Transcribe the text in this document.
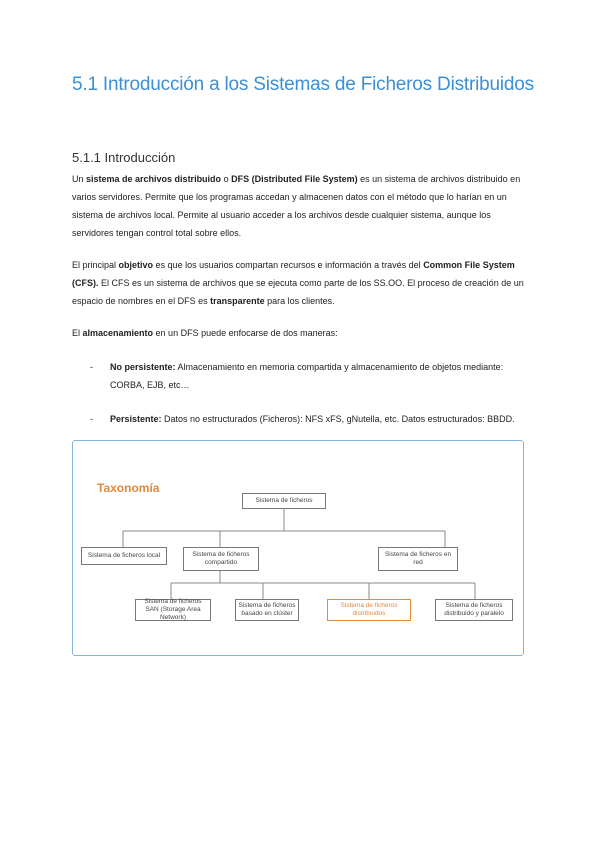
5.1 Introducción a los Sistemas de Ficheros Distribuidos
5.1.1 Introducción

Un sistema de archivos distribuido o DFS (Distributed File System) es un sistema de archivos distribuido en varios servidores. Permite que los programas accedan y almacenen datos con el método que lo harían en un sistema de archivos local. Permite al usuario acceder a los archivos desde cualquier sistema, aunque los servidores tengan control total sobre ellos.

El principal objetivo es que los usuarios compartan recursos e información a través del Common File System (CFS). El CFS es un sistema de archivos que se ejecuta como parte de los SS.OO. El proceso de creación de un espacio de nombres en el DFS es transparente para los clientes.

El almacenamiento en un DFS puede enfocarse de dos maneras:

- No persistente: Almacenamiento en memoria compartida y almacenamiento de objetos mediante: CORBA, EJB, etc…
- Persistente: Datos no estructurados (Ficheros): NFS xFS, gNutella, etc. Datos estructurados: BBDD.
Taxonomía
Sistema de ficheros
Sistema de ficheros local	Sistema de ficheros compartido
Sistema de ficheros en red
Sistema de ficheros SAN (Storage Area Network)
Sistema de ficheros basado en clúster
Sistema de ficheros distribuidos
Sistema de ficheros distribuido y paralelo
